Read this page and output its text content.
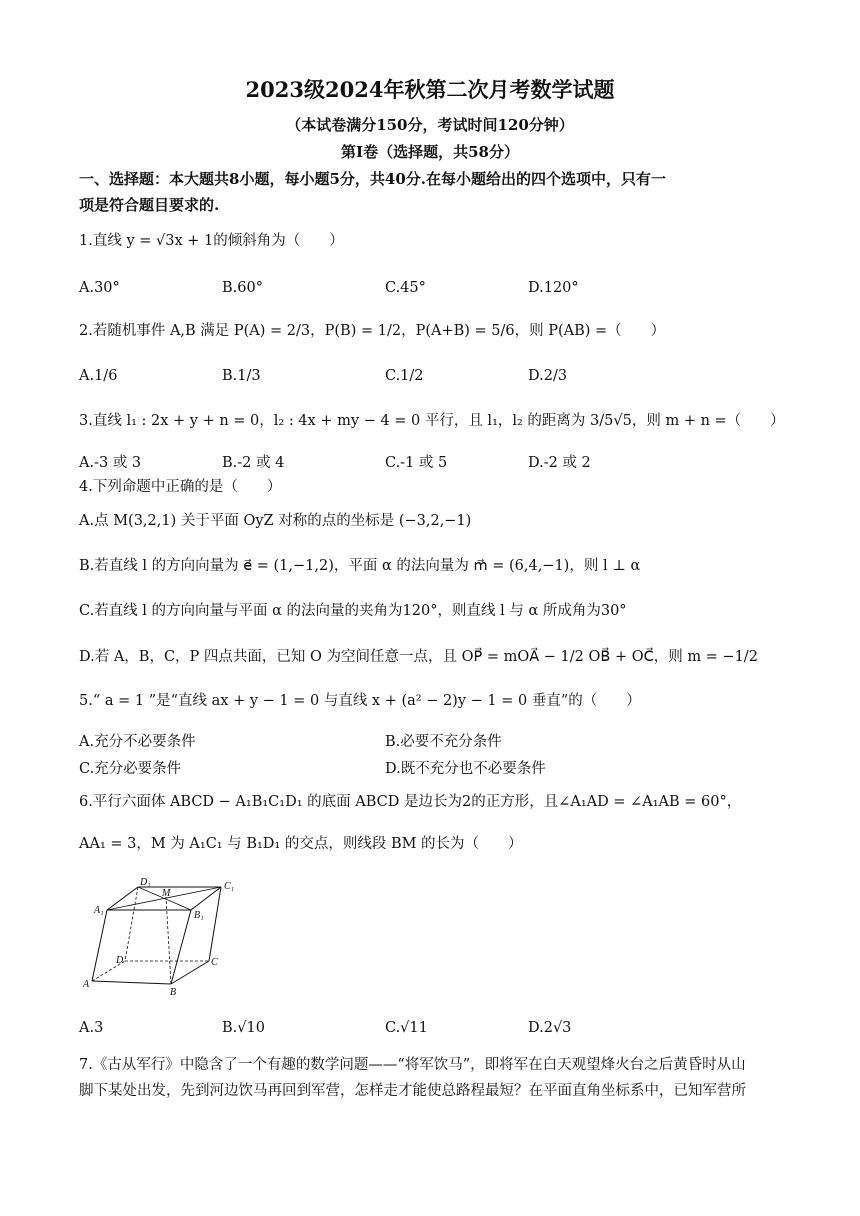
2023级2024年秋第二次月考数学试题
（本试卷满分150分，考试时间120分钟）
第I卷（选择题，共58分）
一、选择题：本大题共8小题，每小题5分，共40分.在每小题给出的四个选项中，只有一
项是符合题目要求的.
1.直线 y = √3x + 1的倾斜角为（　　）
A.30°	B.60°	C.45°	D.120°
2.若随机事件 A,B 满足 P(A) = 2/3，P(B) = 1/2，P(A+B) = 5/6，则 P(AB) =（　　）
A.1/6	B.1/3	C.1/2	D.2/3
3.直线 l₁ : 2x + y + n = 0，l₂ : 4x + my − 4 = 0 平行，且 l₁，l₂ 的距离为 3/5√5，则 m + n =（　　）
A.-3 或 3	B.-2 或 4	C.-1 或 5	D.-2 或 2
4.下列命题中正确的是（　　）
A.点 M(3,2,1) 关于平面 OyZ 对称的点的坐标是 (−3,2,−1)
B.若直线 l 的方向向量为 e⃗ = (1,−1,2)，平面 α 的法向量为 m⃗ = (6,4,−1)，则 l ⊥ α
C.若直线 l 的方向向量与平面 α 的法向量的夹角为120°，则直线 l 与 α 所成角为30°
D.若 A，B，C，P 四点共面，已知 O 为空间任意一点，且 OP⃗ = mOA⃗ − 1/2 OB⃗ + OC⃗，则 m = −1/2
5.“ a = 1 ”是“直线 ax + y − 1 = 0 与直线 x + (a² − 2)y − 1 = 0 垂直”的（　　）
A.充分不必要条件	B.必要不充分条件
C.充分必要条件	D.既不充分也不必要条件
6.平行六面体 ABCD − A₁B₁C₁D₁ 的底面 ABCD 是边长为2的正方形，且∠A₁AD = ∠A₁AB = 60°，
AA₁ = 3，M 为 A₁C₁ 与 B₁D₁ 的交点，则线段 BM 的长为（　　）
A₁
D₁
M
C₁
B₁
D	C
A
B
A.3	B.√10	C.√11	D.2√3
7.《古从军行》中隐含了一个有趣的数学问题——“将军饮马”，即将军在白天观望烽火台之后黄昏时从山
脚下某处出发，先到河边饮马再回到军营，怎样走才能使总路程最短？在平面直角坐标系中，已知军营所
